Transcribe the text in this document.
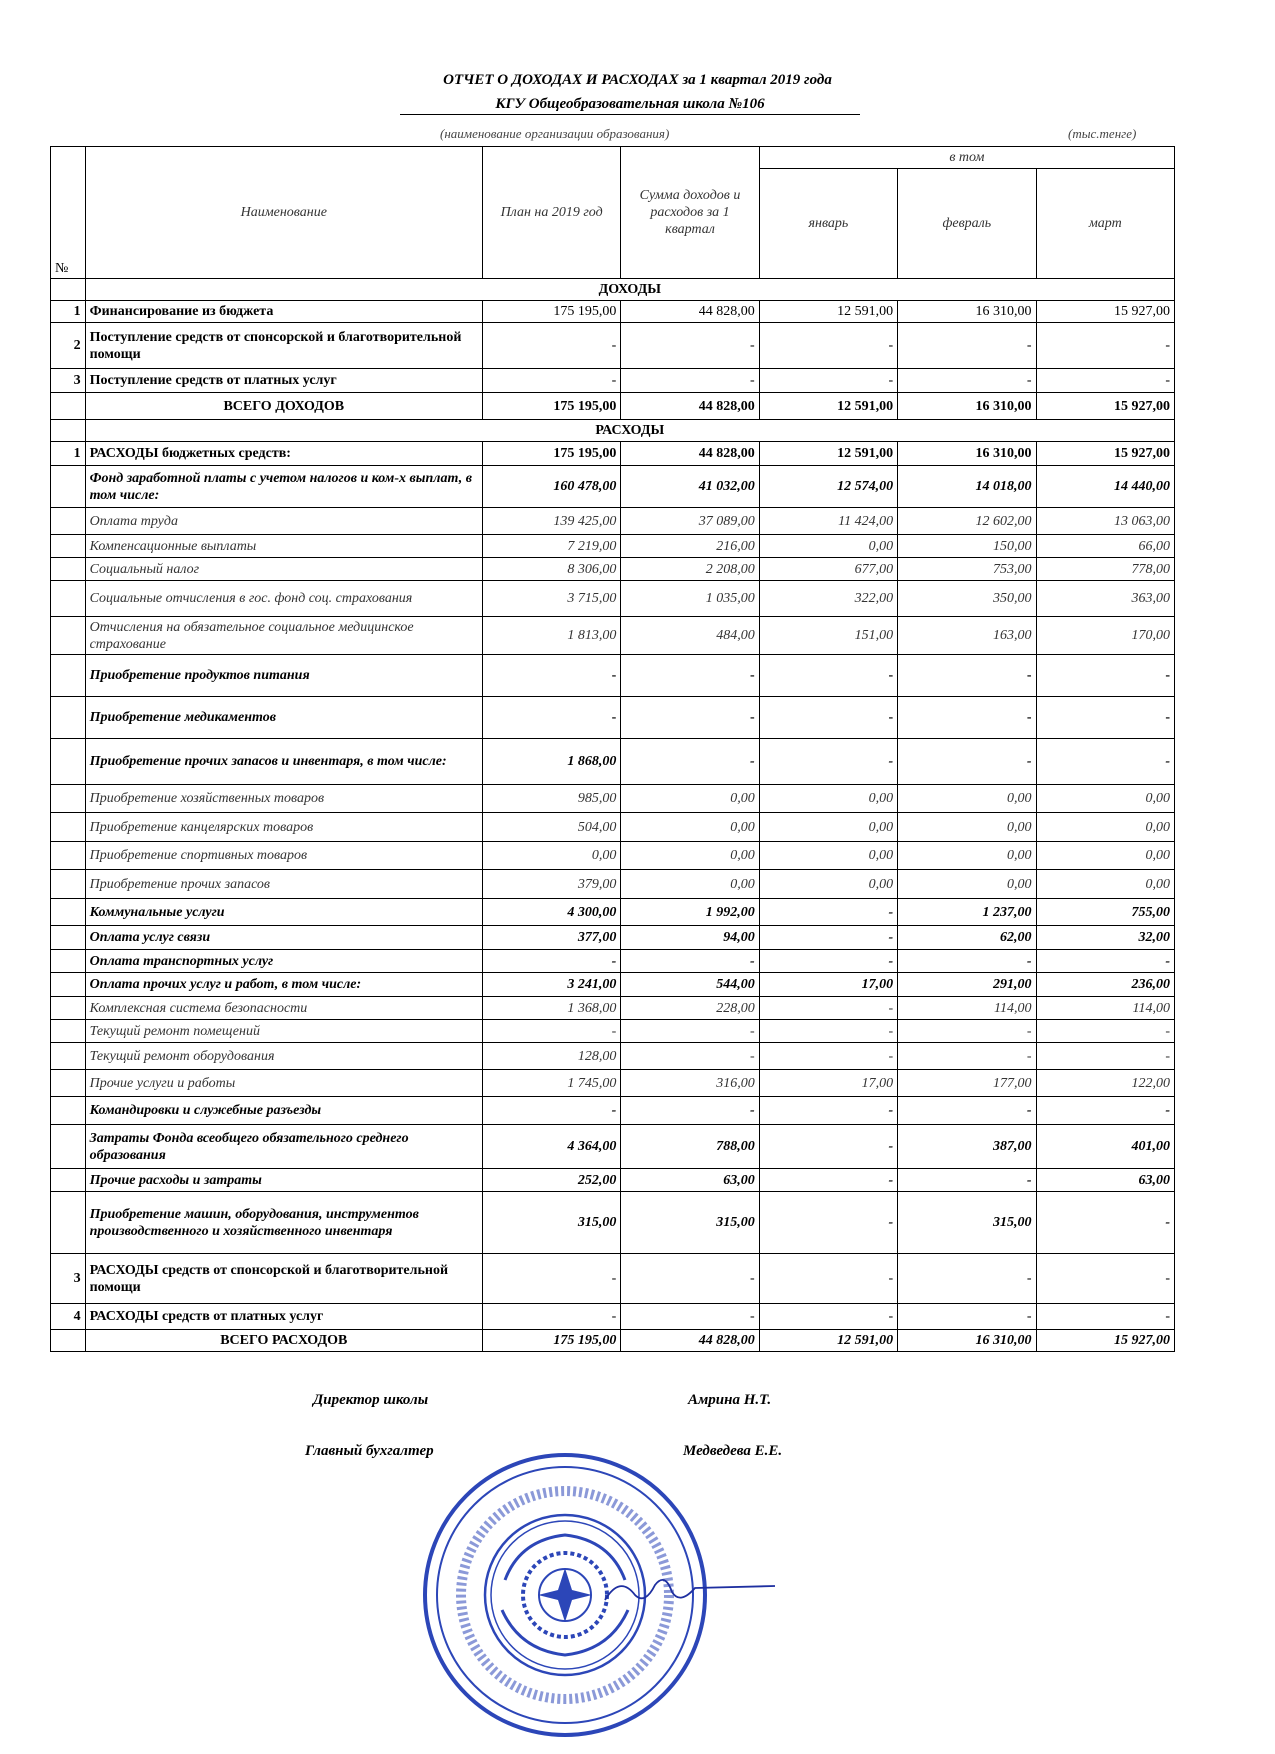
ОТЧЕТ О ДОХОДАХ И РАСХОДАХ за 1 квартал 2019 года
КГУ Общеобразовательная школа №106
(наименование организации образования)	(тыс.тенге)
№	Наименование	План на 2019 год	Сумма доходов и расходов за 1 квартал	в том		
				январь	февраль	март
	ДОХОДЫ					
1	Финансирование из бюджета	175 195,00	44 828,00	12 591,00	16 310,00	15 927,00
2	Поступление средств от спонсорской и благотворительной помощи	-	-	-	-	-
3	Поступление средств от платных услуг	-	-	-	-	-
	ВСЕГО ДОХОДОВ	175 195,00	44 828,00	12 591,00	16 310,00	15 927,00
	РАСХОДЫ					
1	РАСХОДЫ бюджетных средств:	175 195,00	44 828,00	12 591,00	16 310,00	15 927,00
	Фонд заработной платы с учетом налогов и ком-х выплат, в том числе:	160 478,00	41 032,00	12 574,00	14 018,00	14 440,00
	Оплата труда	139 425,00	37 089,00	11 424,00	12 602,00	13 063,00
	Компенсационные выплаты	7 219,00	216,00	0,00	150,00	66,00
	Социальный налог	8 306,00	2 208,00	677,00	753,00	778,00
	Социальные отчисления в гос. фонд соц. страхования	3 715,00	1 035,00	322,00	350,00	363,00
	Отчисления на обязательное социальное медицинское страхование	1 813,00	484,00	151,00	163,00	170,00
	Приобретение продуктов питания	-	-	-	-	-
	Приобретение медикаментов	-	-	-	-	-
	Приобретение прочих запасов и инвентаря, в том числе:	1 868,00	-	-	-	-
	Приобретение хозяйственных товаров	985,00	0,00	0,00	0,00	0,00
	Приобретение канцелярских товаров	504,00	0,00	0,00	0,00	0,00
	Приобретение спортивных товаров	0,00	0,00	0,00	0,00	0,00
	Приобретение прочих запасов	379,00	0,00	0,00	0,00	0,00
	Коммунальные услуги	4 300,00	1 992,00	-	1 237,00	755,00
	Оплата услуг связи	377,00	94,00	-	62,00	32,00
	Оплата транспортных услуг	-	-	-	-	-
	Оплата прочих услуг и работ, в том числе:	3 241,00	544,00	17,00	291,00	236,00
	Комплексная система безопасности	1 368,00	228,00	-	114,00	114,00
	Текущий ремонт помещений	-	-	-	-	-
	Текущий ремонт оборудования	128,00	-	-	-	-
	Прочие услуги и работы	1 745,00	316,00	17,00	177,00	122,00
	Командировки и служебные разъезды	-	-	-	-	-
	Затраты Фонда всеобщего обязательного среднего образования	4 364,00	788,00	-	387,00	401,00
	Прочие расходы и затраты	252,00	63,00	-	-	63,00
	Приобретение машин, оборудования, инструментов производственного и хозяйственного инвентаря	315,00	315,00	-	315,00	-
3	РАСХОДЫ средств от спонсорской и благотворительной помощи	-	-	-	-	-
4	РАСХОДЫ средств от платных услуг	-	-	-	-	-
	ВСЕГО РАСХОДОВ	175 195,00	44 828,00	12 591,00	16 310,00	15 927,00
Директор школы	Амрина Н.Т.
Главный бухгалтер	Медведева Е.Е.
